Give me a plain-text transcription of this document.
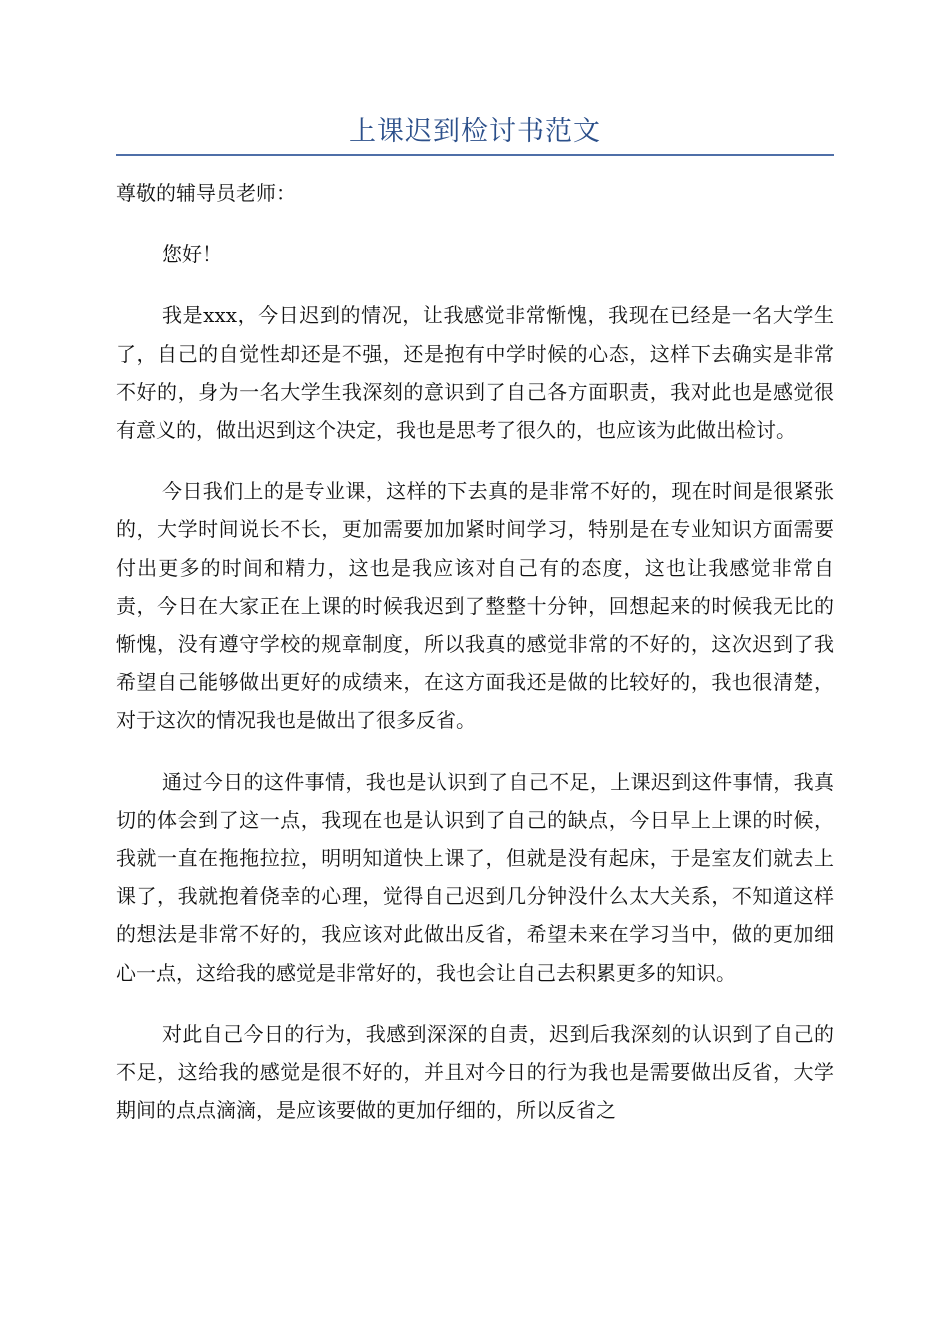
上课迟到检讨书范文

尊敬的辅导员老师：

您好！

我是xxx，今日迟到的情况，让我感觉非常惭愧，我现在已经是一名大学生了，自己的自觉性却还是不强，还是抱有中学时候的心态，这样下去确实是非常不好的，身为一名大学生我深刻的意识到了自己各方面职责，我对此也是感觉很有意义的，做出迟到这个决定，我也是思考了很久的，也应该为此做出检讨。

今日我们上的是专业课，这样的下去真的是非常不好的，现在时间是很紧张的，大学时间说长不长，更加需要加加紧时间学习，特别是在专业知识方面需要付出更多的时间和精力，这也是我应该对自己有的态度，这也让我感觉非常自责，今日在大家正在上课的时候我迟到了整整十分钟，回想起来的时候我无比的惭愧，没有遵守学校的规章制度，所以我真的感觉非常的不好的，这次迟到了我希望自己能够做出更好的成绩来，在这方面我还是做的比较好的，我也很清楚，对于这次的情况我也是做出了很多反省。

通过今日的这件事情，我也是认识到了自己不足，上课迟到这件事情，我真切的体会到了这一点，我现在也是认识到了自己的缺点，今日早上上课的时候，我就一直在拖拖拉拉，明明知道快上课了，但就是没有起床，于是室友们就去上课了，我就抱着侥幸的心理，觉得自己迟到几分钟没什么太大关系，不知道这样的想法是非常不好的，我应该对此做出反省，希望未来在学习当中，做的更加细心一点，这给我的感觉是非常好的，我也会让自己去积累更多的知识。

对此自己今日的行为，我感到深深的自责，迟到后我深刻的认识到了自己的不足，这给我的感觉是很不好的，并且对今日的行为我也是需要做出反省，大学期间的点点滴滴，是应该要做的更加仔细的，所以反省之
